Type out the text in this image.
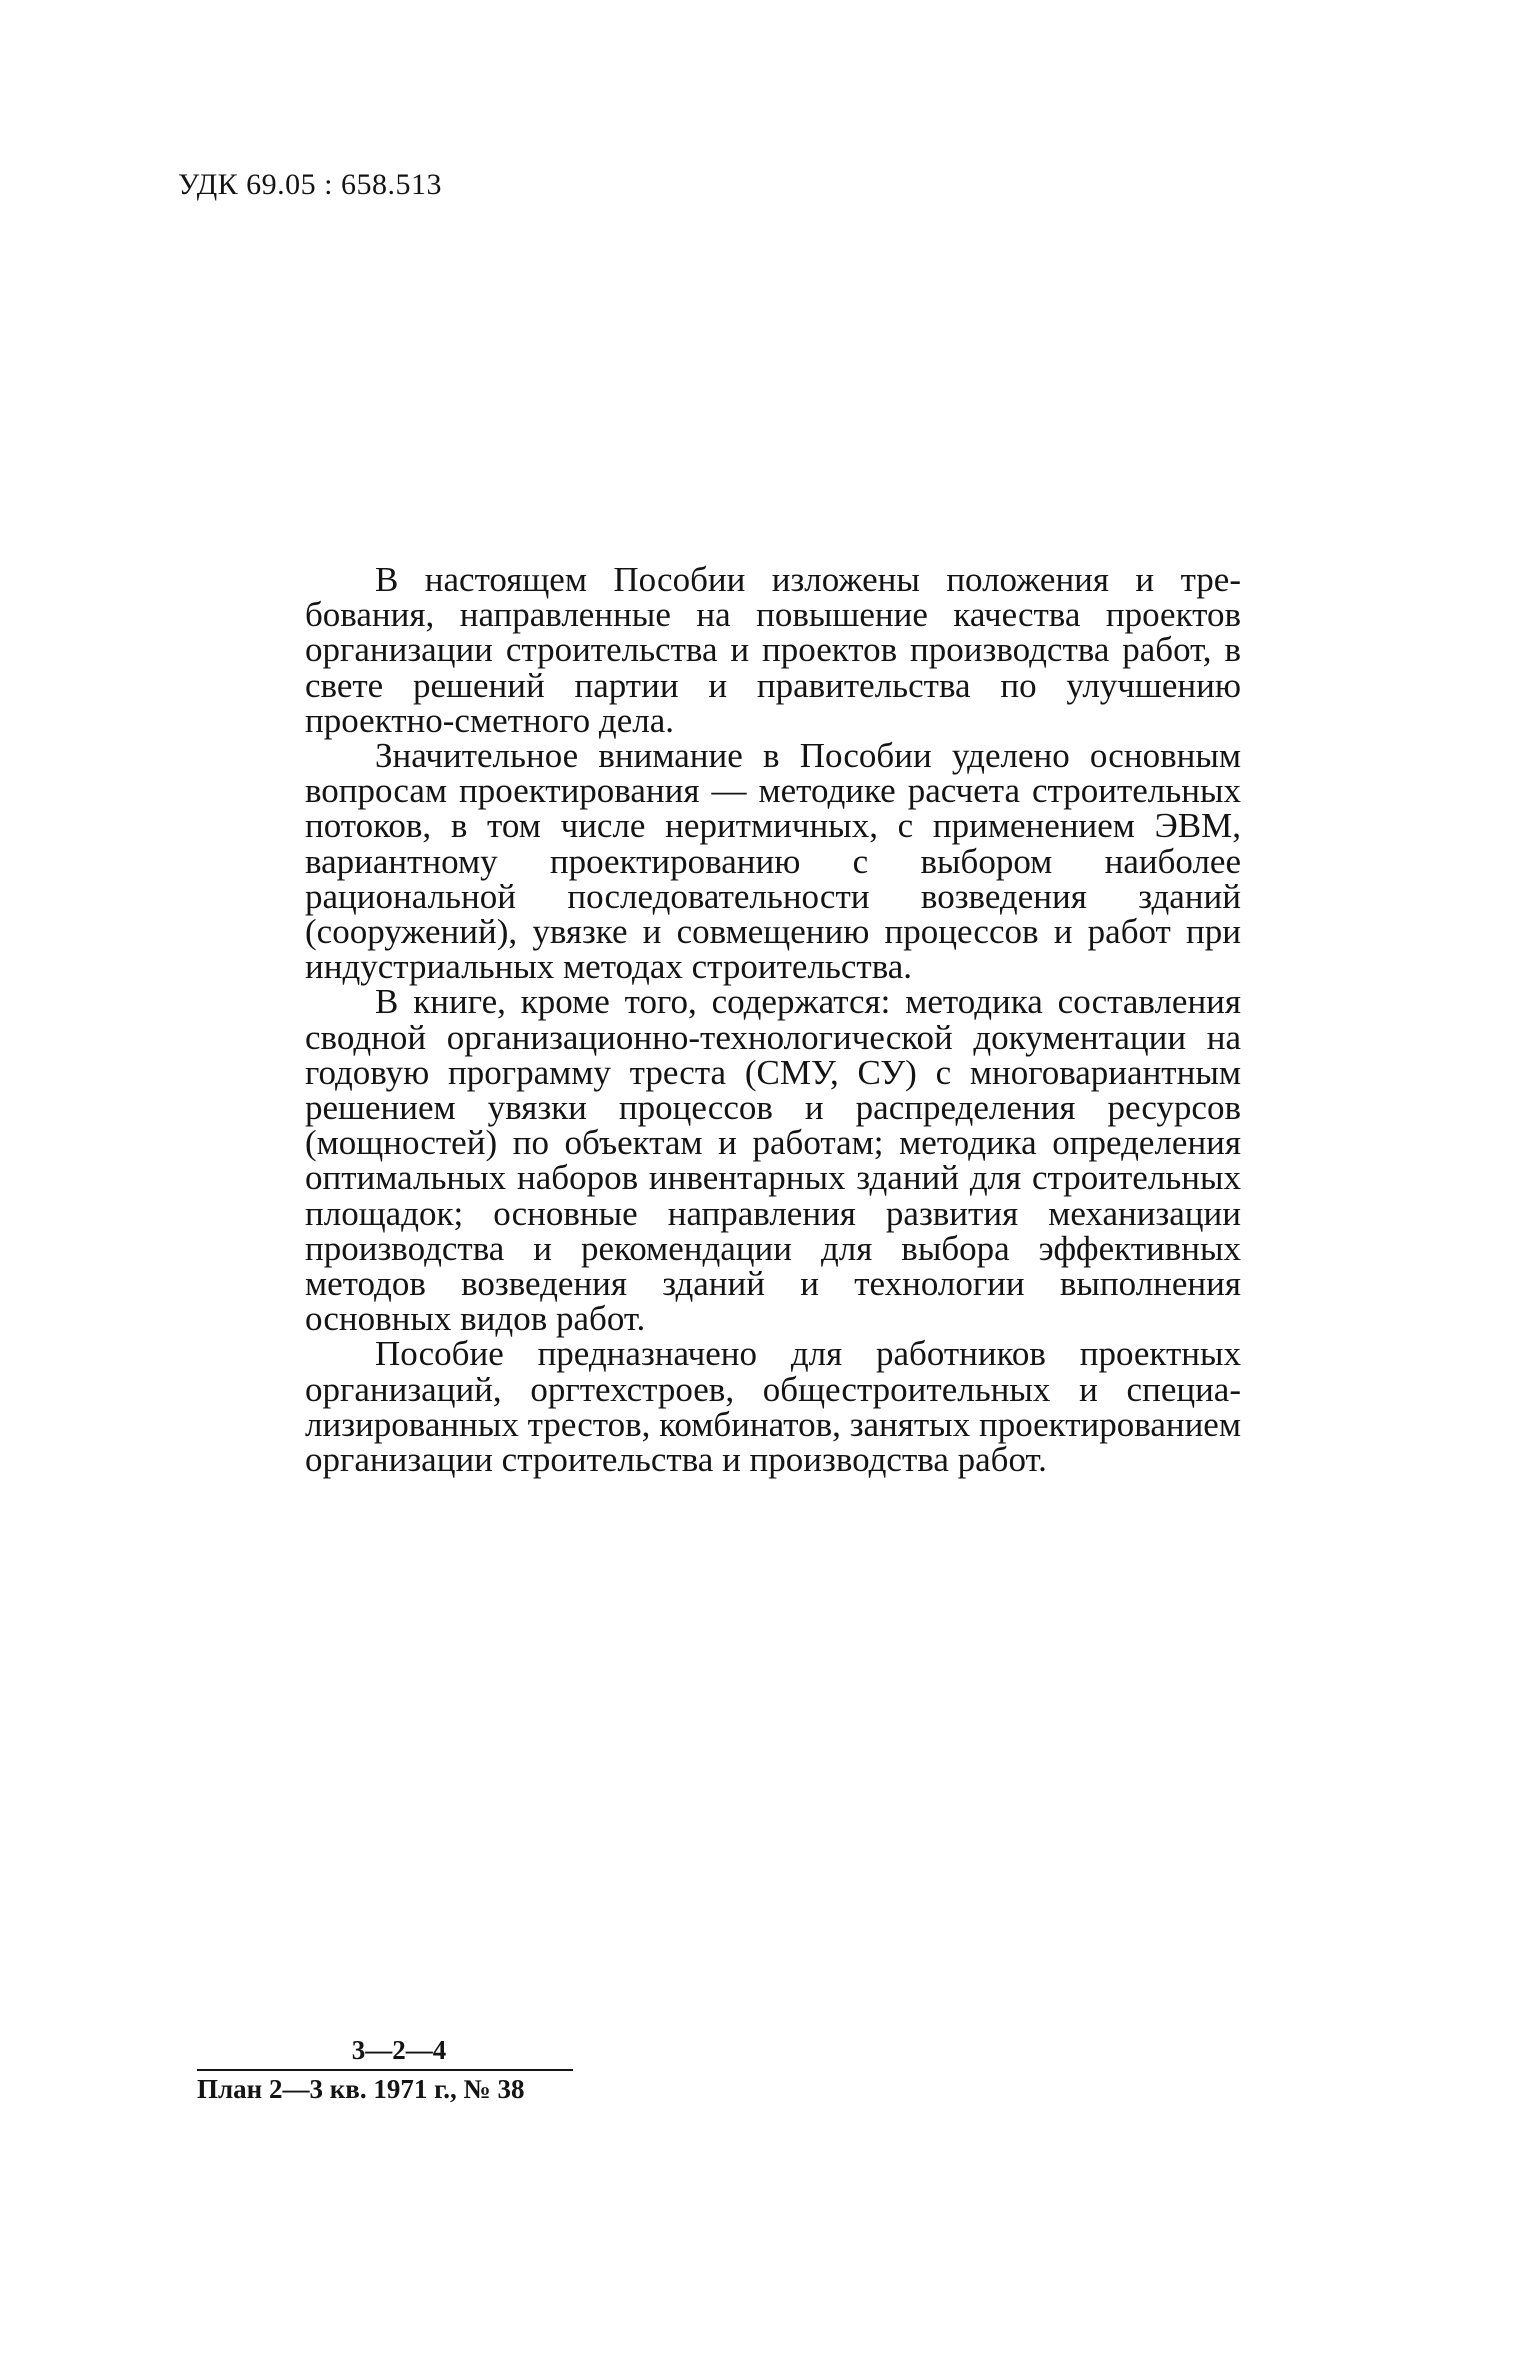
УДК 69.05 : 658.513

В настоящем Пособии изложены положения и требования, направленные на повышение качества проектов организации строительства и проектов производства работ, в свете решений партии и правительства по улучшению проектно-сметного дела.

Значительное внимание в Пособии уделено основным вопросам проектирования — методике расчета строительных потоков, в том числе неритмичных, с применением ЭВМ, вариантному проектированию с выбором наиболее рациональной последовательности возведения зданий (сооружений), увязке и совмещению процессов и работ при индустриальных методах строительства.

В книге, кроме того, содержатся: методика составления сводной организационно-технологической документации на годовую программу треста (СМУ, СУ) с многовариантным решением увязки процессов и распределения ресурсов (мощностей) по объектам и работам; методика определения оптимальных наборов инвентарных зданий для строительных площадок; основные направления развития механизации производства и рекомендации для выбора эффективных методов возведения зданий и технологии выполнения основных видов работ.

Пособие предназначено для работников проектных организаций, оргтехстроев, общестроительных и специализированных трестов, комбинатов, занятых проектированием организации строительства и производства работ.

3—2—4
План 2—3 кв. 1971 г., № 38
